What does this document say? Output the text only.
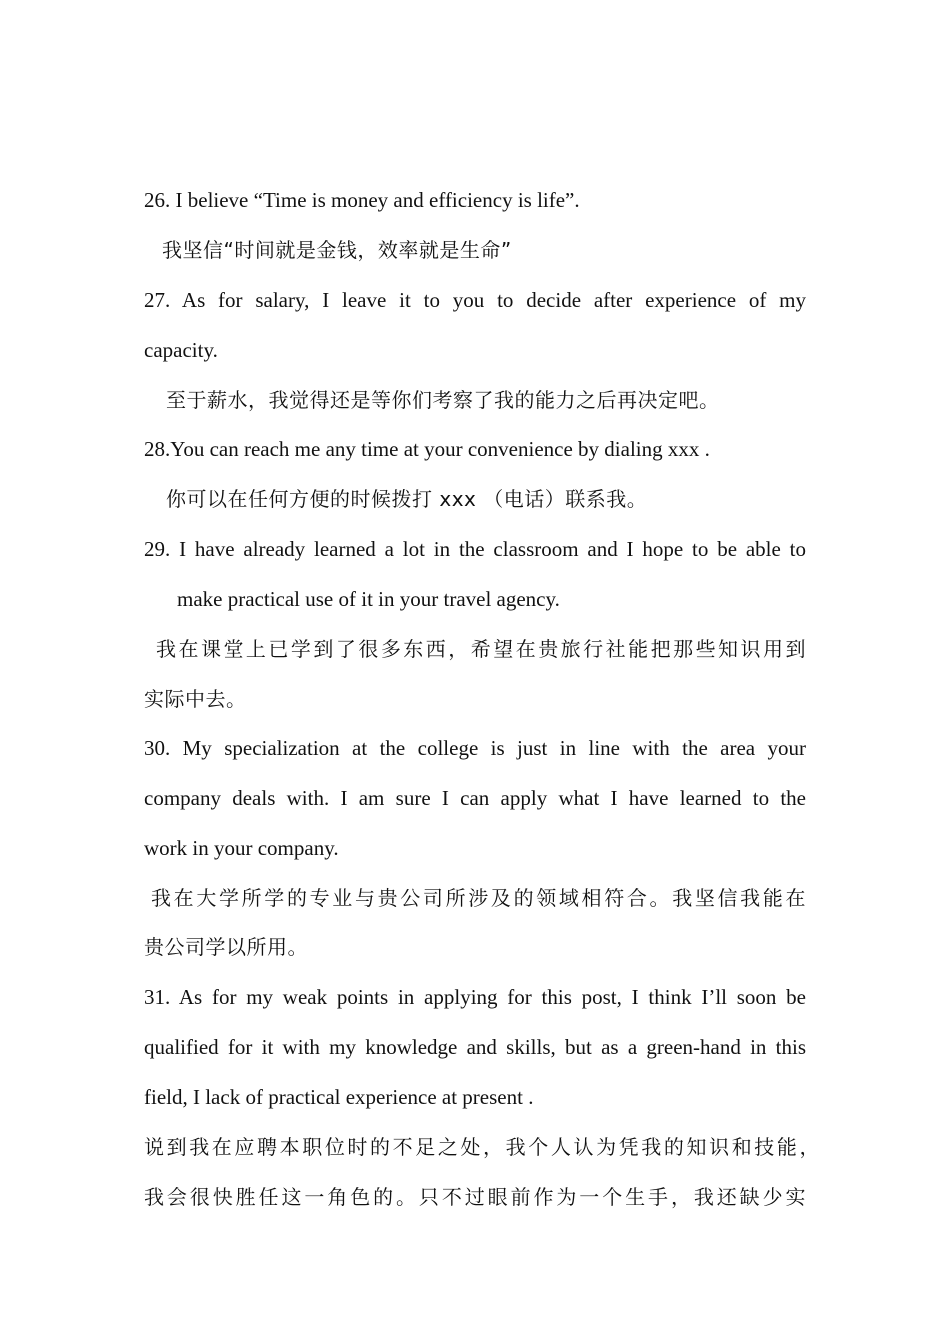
26. I believe “Time is money and efficiency is life”.
我坚信“时间就是金钱，效率就是生命”
27. As for salary, I leave it to you to decide after experience of my
capacity.
至于薪水，我觉得还是等你们考察了我的能力之后再决定吧。
28.You can reach me any time at your convenience by dialing xxx .
你可以在任何方便的时候拨打 xxx （电话）联系我。
29. I have already learned a lot in the classroom and I hope to be able to
make practical use of it in your travel agency.
我在课堂上已学到了很多东西，希望在贵旅行社能把那些知识用到
实际中去。
30. My specialization at the college is just in line with the area your
company deals with. I am sure I can apply what I have learned to the
work in your company.
我在大学所学的专业与贵公司所涉及的领域相符合。我坚信我能在
贵公司学以所用。
31. As for my weak points in applying for this post, I think I’ll soon be
qualified for it with my knowledge and skills, but as a green-hand in this
field, I lack of practical experience at present .
说到我在应聘本职位时的不足之处，我个人认为凭我的知识和技能，
我会很快胜任这一角色的。只不过眼前作为一个生手，我还缺少实
